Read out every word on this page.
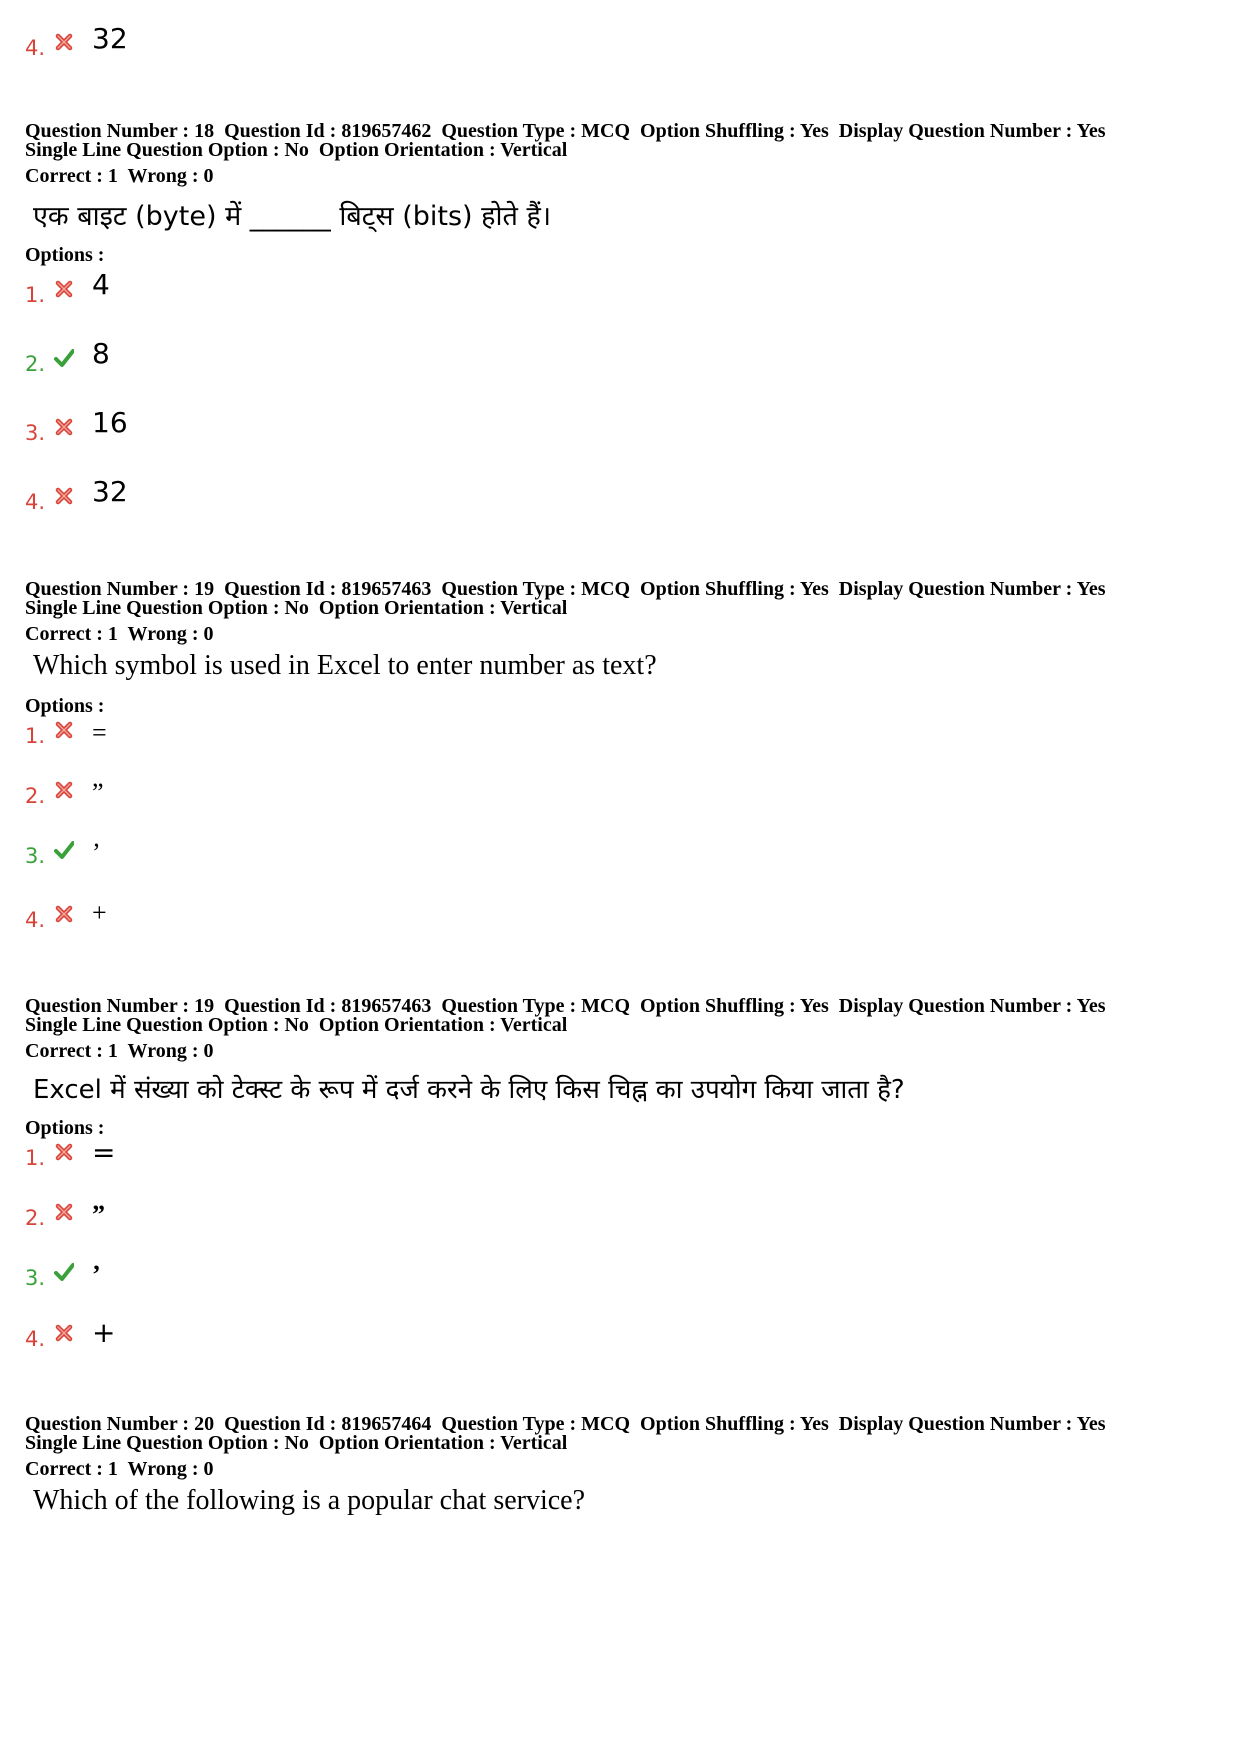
4. 32
Question Number : 18  Question Id : 819657462  Question Type : MCQ  Option Shuffling : Yes  Display Question Number : Yes
Single Line Question Option : No  Option Orientation : Vertical
Correct : 1  Wrong : 0
एक बाइट (byte) में ______ बिट्स (bits) होते हैं।
Options :
1. 4
2. 8
3. 16
4. 32
Question Number : 19  Question Id : 819657463  Question Type : MCQ  Option Shuffling : Yes  Display Question Number : Yes
Single Line Question Option : No  Option Orientation : Vertical
Correct : 1  Wrong : 0
Which symbol is used in Excel to enter number as text?
Options :
1. =
2. ”
3. ’
4. +
Question Number : 19  Question Id : 819657463  Question Type : MCQ  Option Shuffling : Yes  Display Question Number : Yes
Single Line Question Option : No  Option Orientation : Vertical
Correct : 1  Wrong : 0
Excel में संख्या को टेक्स्ट के रूप में दर्ज करने के लिए किस चिह्न का उपयोग किया जाता है?
Options :
1. =
2. ”
3. ’
4. +
Question Number : 20  Question Id : 819657464  Question Type : MCQ  Option Shuffling : Yes  Display Question Number : Yes
Single Line Question Option : No  Option Orientation : Vertical
Correct : 1  Wrong : 0
Which of the following is a popular chat service?
